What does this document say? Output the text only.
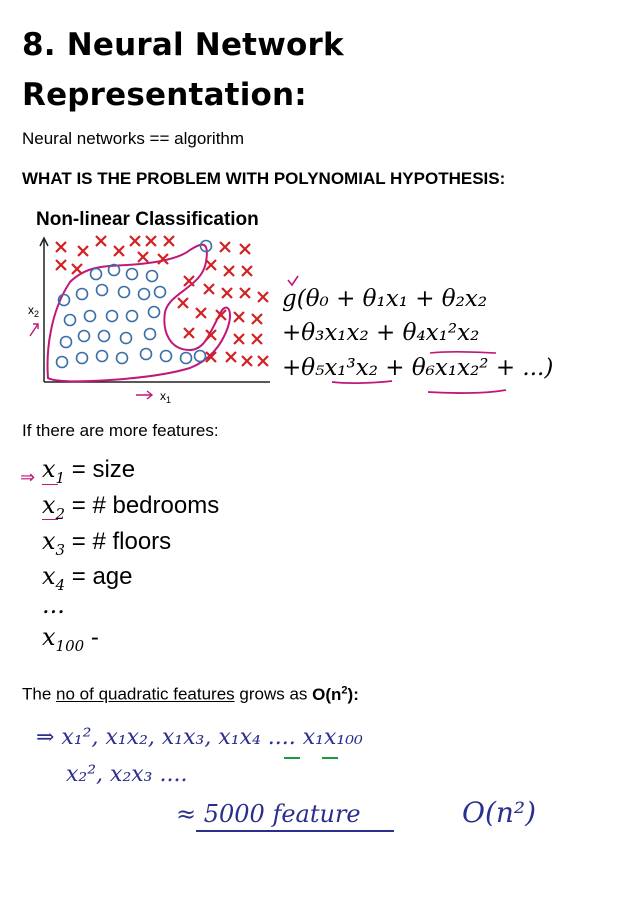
8. Neural Network
Representation:
Neural networks == algorithm
WHAT IS THE PROBLEM WITH POLYNOMIAL HYPOTHESIS:
Non-linear Classification
$x_2$
$x_1$
g(θ₀ + θ₁x₁ + θ₂x₂
+θ₃x₁x₂ + θ₄x₁²x₂
+θ₅x₁³x₂ + θ₆x₁x₂² + ...)
If there are more features:
⇒ $x_1$ = size
$x_2$ = # bedrooms
$x_3$ = # floors
$x_4$ = age
...
$x_{100}$ -
The no of quadratic features grows as $O(n^2)$:
⇒ x₁², x₁x₂, x₁x₃, x₁x₄ .... x₁x₁₀₀
x₂², x₂x₃ ....
≈ 5000 feature	O(n²)
